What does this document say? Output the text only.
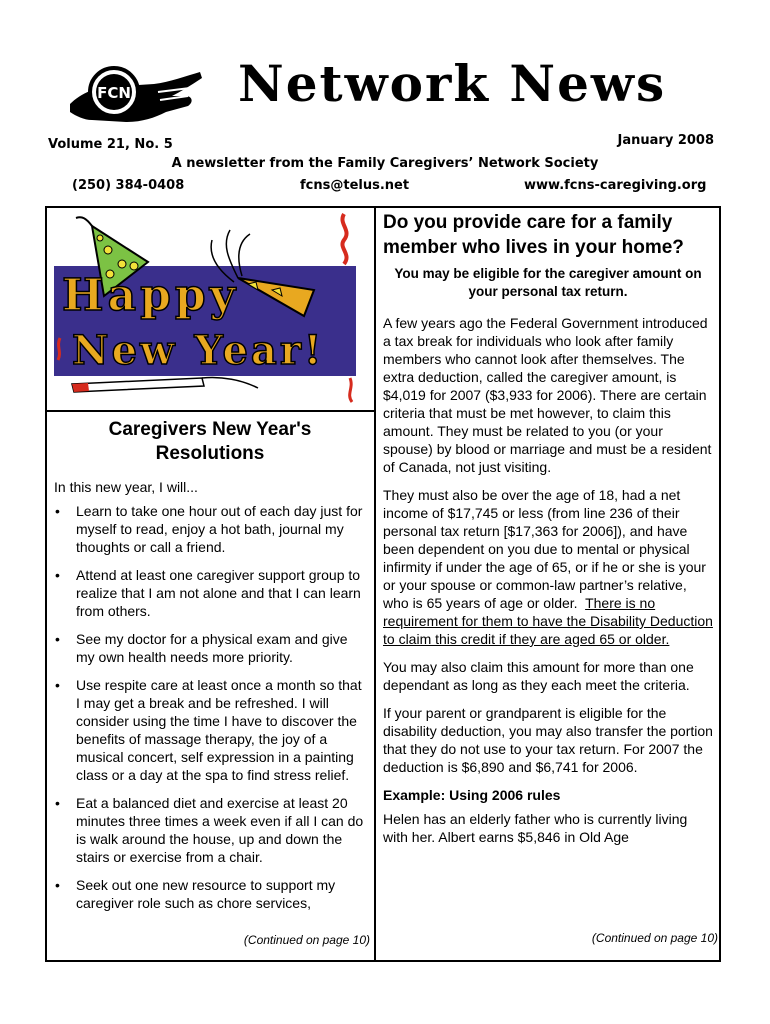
FCN Network News
Volume 21, No. 5	January 2008
A newsletter from the Family Caregivers’ Network Society
(250) 384-0408	fcns@telus.net	www.fcns-caregiving.org
Happy
New Year!
Caregivers New Year's
Resolutions

In this new year, I will...

• Learn to take one hour out of each day just for myself to read, enjoy a hot bath, journal my thoughts or call a friend.
• Attend at least one caregiver support group to realize that I am not alone and that I can learn from others.
• See my doctor for a physical exam and give my own health needs more priority.
• Use respite care at least once a month so that I may get a break and be refreshed. I will consider using the time I have to discover the benefits of massage therapy, the joy of a musical concert, self expression in a painting class or a day at the spa to find stress relief.
• Eat a balanced diet and exercise at least 20 minutes three times a week even if all I can do is walk around the house, up and down the stairs or exercise from a chair.
• Seek out one new resource to support my caregiver role such as chore services,
(Continued on page 10)
Do you provide care for a family member who lives in your home?
You may be eligible for the caregiver amount on your personal tax return.

A few years ago the Federal Government introduced a tax break for individuals who look after family members who cannot look after themselves. The extra deduction, called the caregiver amount, is $4,019 for 2007 ($3,933 for 2006). There are certain criteria that must be met however, to claim this amount. They must be related to you (or your spouse) by blood or marriage and must be a resident of Canada, not just visiting.

They must also be over the age of 18, had a net income of $17,745 or less (from line 236 of their personal tax return [$17,363 for 2006]), and have been dependent on you due to mental or physical infirmity if under the age of 65, or if he or she is your or your spouse or common-law partner’s relative, who is 65 years of age or older. There is no requirement for them to have the Disability Deduction to claim this credit if they are aged 65 or older.

You may also claim this amount for more than one dependant as long as they each meet the criteria.

If your parent or grandparent is eligible for the disability deduction, you may also transfer the portion that they do not use to your tax return. For 2007 the deduction is $6,890 and $6,741 for 2006.

Example: Using 2006 rules

Helen has an elderly father who is currently living with her. Albert earns $5,846 in Old Age

(Continued on page 10)
